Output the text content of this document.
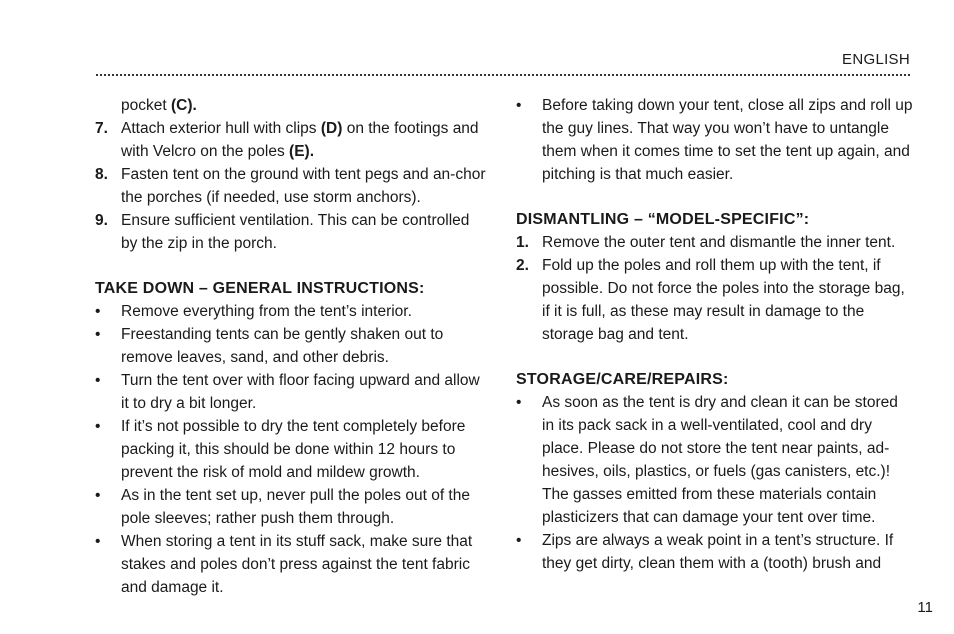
ENGLISH
pocket (C).
7. Attach exterior hull with clips (D) on the footings and with Velcro on the poles (E).
8. Fasten tent on the ground with tent pegs and an-chor the porches (if needed, use storm anchors).
9. Ensure sufficient ventilation. This can be controlled by the zip in the porch.
TAKE DOWN – GENERAL INSTRUCTIONS:
• Remove everything from the tent’s interior.
• Freestanding tents can be gently shaken out to remove leaves, sand, and other debris.
• Turn the tent over with floor facing upward and allow it to dry a bit longer.
• If it’s not possible to dry the tent completely before packing it, this should be done within 12 hours to prevent the risk of mold and mildew growth.
• As in the tent set up, never pull the poles out of the pole sleeves; rather push them through.
• When storing a tent in its stuff sack, make sure that stakes and poles don’t press against the tent fabric and damage it.
• Before taking down your tent, close all zips and roll up the guy lines. That way you won’t have to untangle them when it comes time to set the tent up again, and pitching is that much easier.
DISMANTLING – “MODEL-SPECIFIC”:
1. Remove the outer tent and dismantle the inner tent.
2. Fold up the poles and roll them up with the tent, if possible. Do not force the poles into the storage bag, if it is full, as these may result in damage to the storage bag and tent.
STORAGE/CARE/REPAIRS:
• As soon as the tent is dry and clean it can be stored in its pack sack in a well-ventilated, cool and dry place. Please do not store the tent near paints, ad-hesives, oils, plastics, or fuels (gas canisters, etc.)! The gasses emitted from these materials contain plasticizers that can damage your tent over time.
• Zips are always a weak point in a tent’s structure. If they get dirty, clean them with a (tooth) brush and
11
